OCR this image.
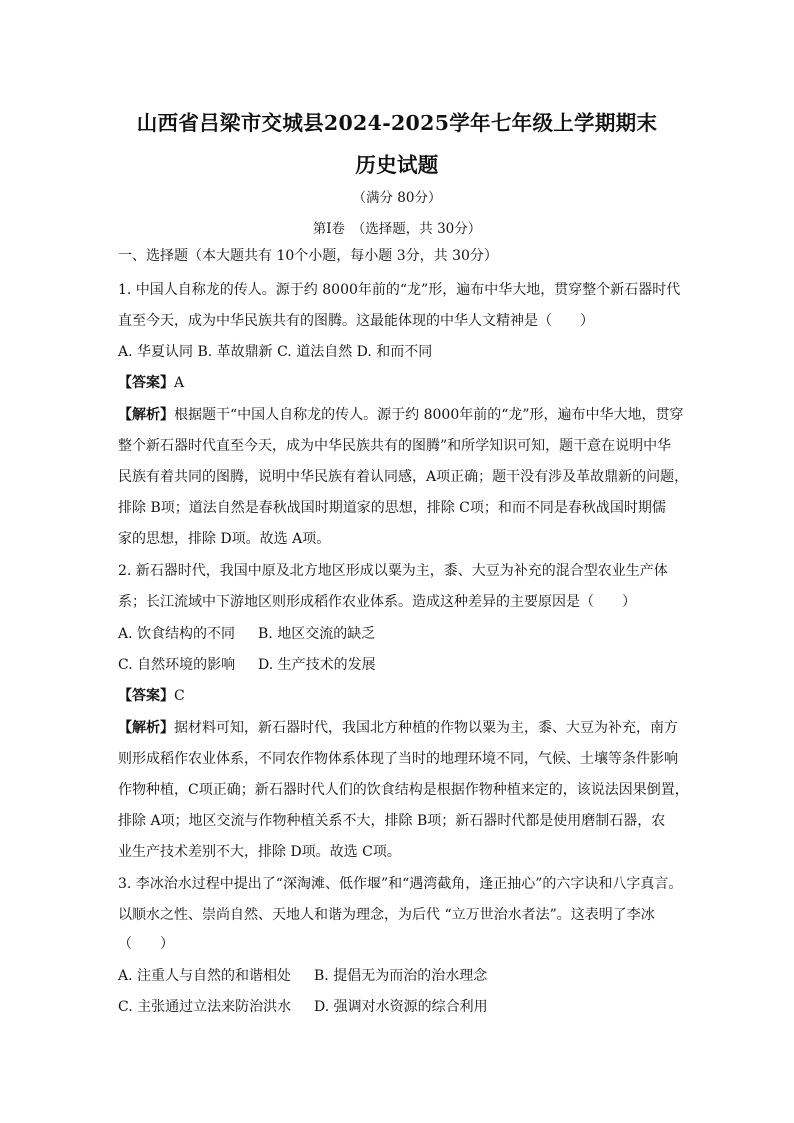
山西省吕梁市交城县2024-2025学年七年级上学期期末
历史试题
（满分 80分）
第Ⅰ卷　（选择题，共 30分）
一、选择题（本大题共有 10个小题，每小题 3分，共 30分）
1. 中国人自称龙的传人。源于约 8000年前的“龙”形，遍布中华大地，贯穿整个新石器时代
直至今天，成为中华民族共有的图腾。这最能体现的中华人文精神是（　　）
A. 华夏认同 B. 革故鼎新 C. 道法自然 D. 和而不同
【答案】A
【解析】根据题干“中国人自称龙的传人。源于约 8000年前的“龙”形，遍布中华大地，贯穿
整个新石器时代直至今天，成为中华民族共有的图腾”和所学知识可知，题干意在说明中华
民族有着共同的图腾，说明中华民族有着认同感，A项正确；题干没有涉及革故鼎新的问题，
排除 B项；道法自然是春秋战国时期道家的思想，排除 C项；和而不同是春秋战国时期儒
家的思想，排除 D项。故选 A项。
2. 新石器时代，我国中原及北方地区形成以粟为主，黍、大豆为补充的混合型农业生产体
系；长江流域中下游地区则形成稻作农业体系。造成这种差异的主要原因是（　　）
A. 饮食结构的不同 B. 地区交流的缺乏
C. 自然环境的影响 D. 生产技术的发展
【答案】C
【解析】据材料可知，新石器时代，我国北方种植的作物以粟为主，黍、大豆为补充，南方
则形成稻作农业体系，不同农作物体系体现了当时的地理环境不同，气候、土壤等条件影响
作物种植，C项正确；新石器时代人们的饮食结构是根据作物种植来定的，该说法因果倒置，
排除 A项；地区交流与作物种植关系不大，排除 B项；新石器时代都是使用磨制石器，农
业生产技术差别不大，排除 D项。故选 C项。
3. 李冰治水过程中提出了“深淘滩、低作堰”和“遇湾截角，逢正抽心”的六字诀和八字真言。
以顺水之性、崇尚自然、天地人和谐为理念，为后代 “立万世治水者法”。这表明了李冰
（　　）
A. 注重人与自然的和谐相处 B. 提倡无为而治的治水理念
C. 主张通过立法来防治洪水 D. 强调对水资源的综合利用
